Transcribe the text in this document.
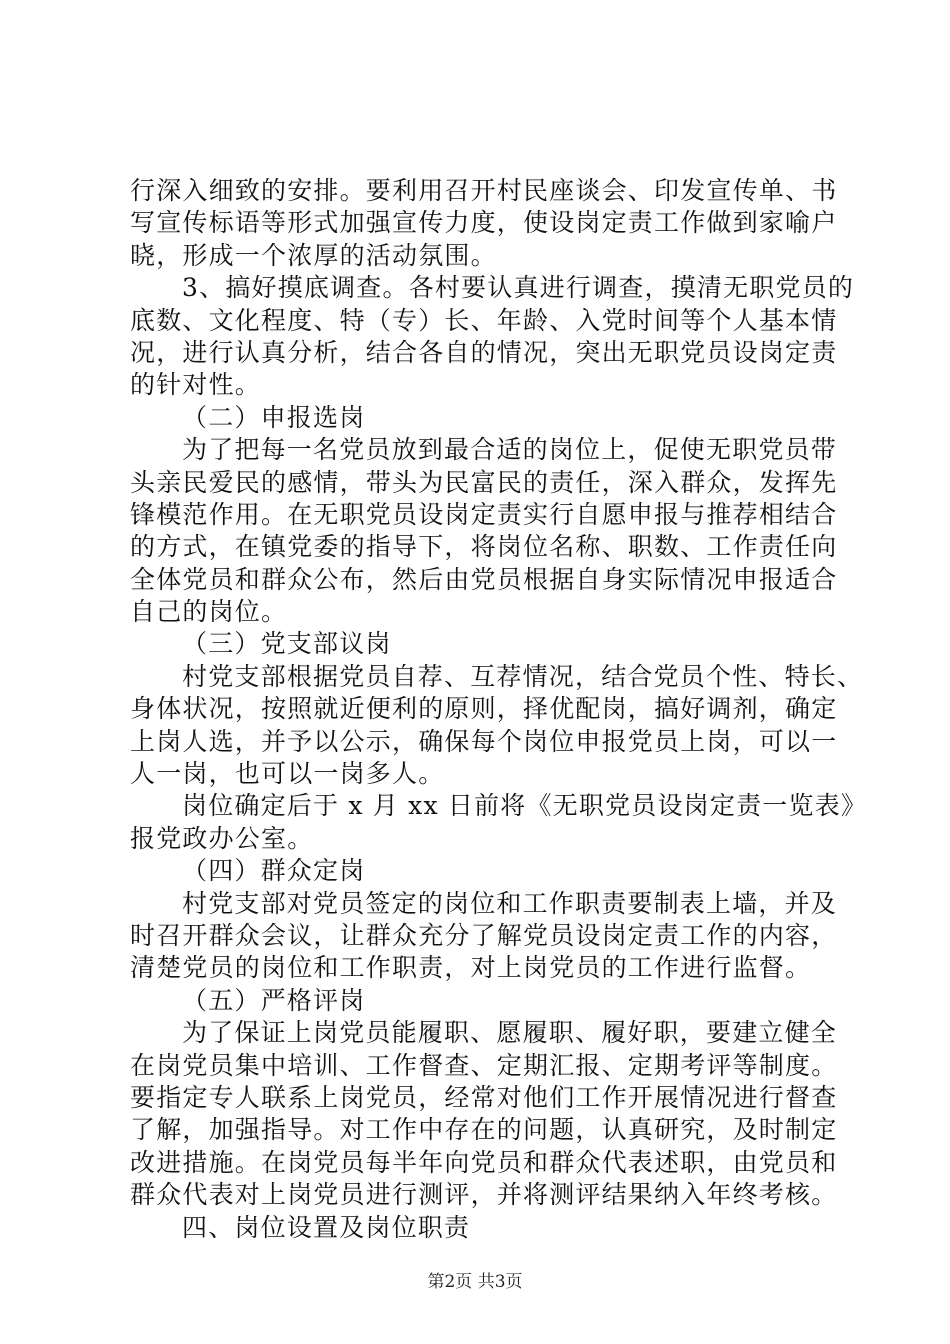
行深入细致的安排。要利用召开村民座谈会、印发宣传单、书
写宣传标语等形式加强宣传力度，使设岗定责工作做到家喻户
晓，形成一个浓厚的活动氛围。
3、搞好摸底调查。各村要认真进行调查，摸清无职党员的
底数、文化程度、特（专）长、年龄、入党时间等个人基本情
况，进行认真分析，结合各自的情况，突出无职党员设岗定责
的针对性。
（二）申报选岗
为了把每一名党员放到最合适的岗位上，促使无职党员带
头亲民爱民的感情，带头为民富民的责任，深入群众，发挥先
锋模范作用。在无职党员设岗定责实行自愿申报与推荐相结合
的方式，在镇党委的指导下，将岗位名称、职数、工作责任向
全体党员和群众公布，然后由党员根据自身实际情况申报适合
自己的岗位。
（三）党支部议岗
村党支部根据党员自荐、互荐情况，结合党员个性、特长、
身体状况，按照就近便利的原则，择优配岗，搞好调剂，确定
上岗人选，并予以公示，确保每个岗位申报党员上岗，可以一
人一岗，也可以一岗多人。
岗位确定后于 x 月 xx 日前将《无职党员设岗定责一览表》
报党政办公室。
（四）群众定岗
村党支部对党员签定的岗位和工作职责要制表上墙，并及
时召开群众会议，让群众充分了解党员设岗定责工作的内容，
清楚党员的岗位和工作职责，对上岗党员的工作进行监督。
（五）严格评岗
为了保证上岗党员能履职、愿履职、履好职，要建立健全
在岗党员集中培训、工作督查、定期汇报、定期考评等制度。
要指定专人联系上岗党员，经常对他们工作开展情况进行督查
了解，加强指导。对工作中存在的问题，认真研究，及时制定
改进措施。在岗党员每半年向党员和群众代表述职，由党员和
群众代表对上岗党员进行测评，并将测评结果纳入年终考核。
四、岗位设置及岗位职责
第2页 共3页
